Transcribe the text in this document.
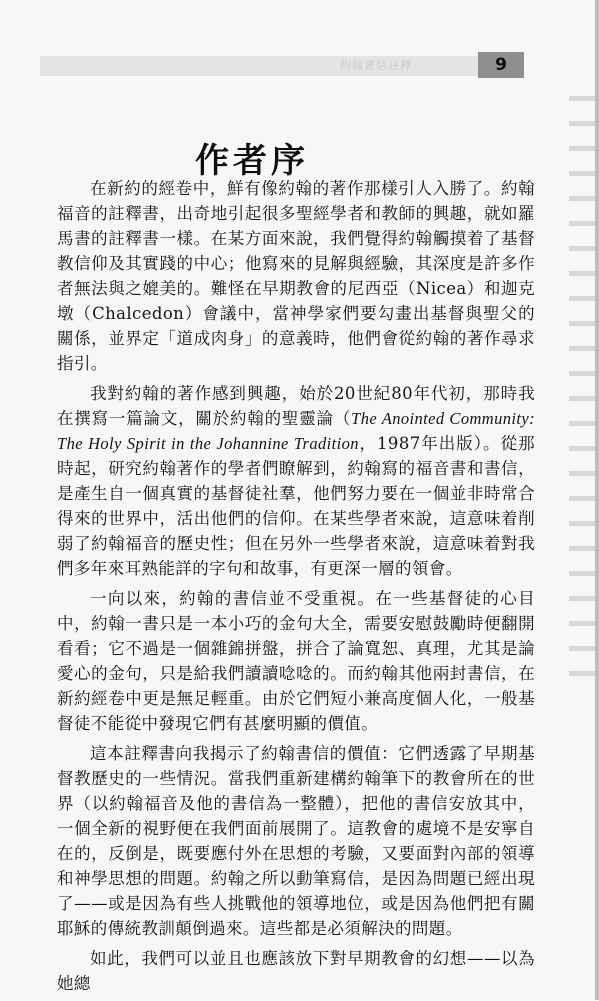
約翰書信註釋	9
作者序

在新約的經卷中，鮮有像約翰的著作那樣引人入勝了。約翰福音的註釋書，出奇地引起很多聖經學者和教師的興趣，就如羅馬書的註釋書一樣。在某方面來說，我們覺得約翰觸摸着了基督教信仰及其實踐的中心；他寫來的見解與經驗，其深度是許多作者無法與之媲美的。難怪在早期教會的尼西亞（Nicea）和迦克墩（Chalcedon）會議中，當神學家們要勾畫出基督與聖父的關係，並界定「道成肉身」的意義時，他們會從約翰的著作尋求指引。

我對約翰的著作感到興趣，始於20世紀80年代初，那時我在撰寫一篇論文，關於約翰的聖靈論（The Anointed Community: The Holy Spirit in the Johannine Tradition，1987年出版）。從那時起，研究約翰著作的學者們瞭解到，約翰寫的福音書和書信，是產生自一個真實的基督徒社羣，他們努力要在一個並非時常合得來的世界中，活出他們的信仰。在某些學者來說，這意味着削弱了約翰福音的歷史性；但在另外一些學者來說，這意味着對我們多年來耳熟能詳的字句和故事，有更深一層的領會。

一向以來，約翰的書信並不受重視。在一些基督徒的心目中，約翰一書只是一本小巧的金句大全，需要安慰鼓勵時便翻開看看；它不過是一個雜錦拼盤，拼合了論寬恕、真理，尤其是論愛心的金句，只是給我們讀讀唸唸的。而約翰其他兩封書信，在新約經卷中更是無足輕重。由於它們短小兼高度個人化，一般基督徒不能從中發現它們有甚麼明顯的價值。

這本註釋書向我揭示了約翰書信的價值：它們透露了早期基督教歷史的一些情況。當我們重新建構約翰筆下的教會所在的世界（以約翰福音及他的書信為一整體），把他的書信安放其中，一個全新的視野便在我們面前展開了。這教會的處境不是安寧自在的，反倒是，既要應付外在思想的考驗，又要面對內部的領導和神學思想的問題。約翰之所以動筆寫信，是因為問題已經出現了——或是因為有些人挑戰他的領導地位，或是因為他們把有關耶穌的傳統教訓顛倒過來。這些都是必須解決的問題。

如此，我們可以並且也應該放下對早期教會的幻想——以為她總
